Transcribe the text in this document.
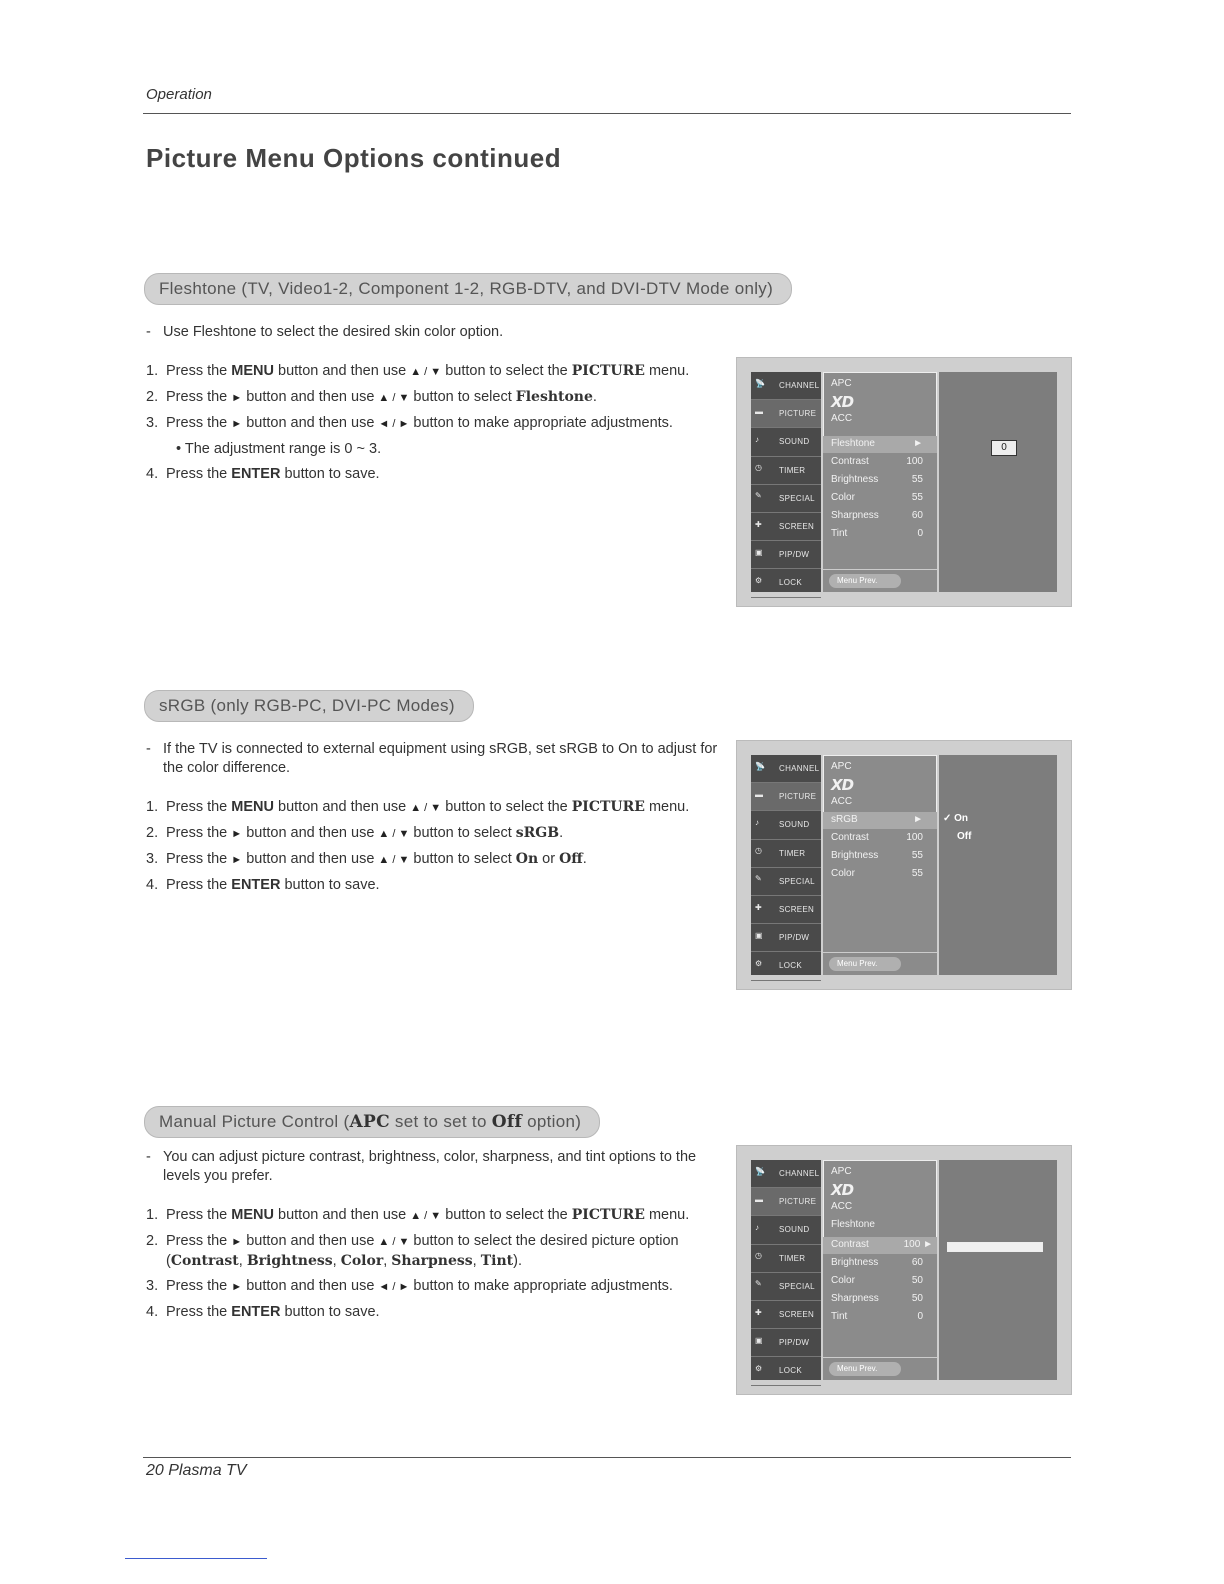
Operation
Picture Menu Options continued
Fleshtone (TV, Video1-2, Component 1-2, RGB-DTV, and DVI-DTV Mode only)
- Use Fleshtone to select the desired skin color option.
1. Press the MENU button and then use ▲ / ▼ button to select the PICTURE menu.
2. Press the ► button and then use ▲ / ▼ button to select Fleshtone.
3. Press the ► button and then use ◄ / ► button to make appropriate adjustments.
• The adjustment range is 0 ~ 3.
4. Press the ENTER button to save.
📡	CHANNEL
▬	PICTURE
♪	SOUND
◷	TIMER
✎	SPECIAL
✚	SCREEN
▣	PIP/DW
⚙	LOCK
APC
XD
ACC
Fleshtone	►
Contrast	100
Brightness	55
Color	55
Sharpness	60
Tint	0
Menu Prev.
0
sRGB (only RGB-PC, DVI-PC Modes)
- If the TV is connected to external equipment using sRGB, set sRGB to On to adjust for the color difference.
1. Press the MENU button and then use ▲ / ▼ button to select the PICTURE menu.
2. Press the ► button and then use ▲ / ▼ button to select sRGB.
3. Press the ► button and then use ▲ / ▼ button to select On or Off.
4. Press the ENTER button to save.
📡	CHANNEL
▬	PICTURE
♪	SOUND
◷	TIMER
✎	SPECIAL
✚	SCREEN
▣	PIP/DW
⚙	LOCK
APC
XD
ACC
sRGB	►
Contrast	100
Brightness	55
Color	55
Menu Prev.
✓ On
Off
Manual Picture Control (APC set to set to Off option)
- You can adjust picture contrast, brightness, color, sharpness, and tint options to the levels you prefer.
1. Press the MENU button and then use ▲ / ▼ button to select the PICTURE menu.
2. Press the ► button and then use ▲ / ▼ button to select the desired picture option
(Contrast, Brightness, Color, Sharpness, Tint).
3. Press the ► button and then use ◄ / ► button to make appropriate adjustments.
4. Press the ENTER button to save.
📡	CHANNEL
▬	PICTURE
♪	SOUND
◷	TIMER
✎	SPECIAL
✚	SCREEN
▣	PIP/DW
⚙	LOCK
APC
XD
ACC
Fleshtone
Contrast	100 ►
Brightness	60
Color	50
Sharpness	50
Tint	0
Menu Prev.
20 Plasma TV
